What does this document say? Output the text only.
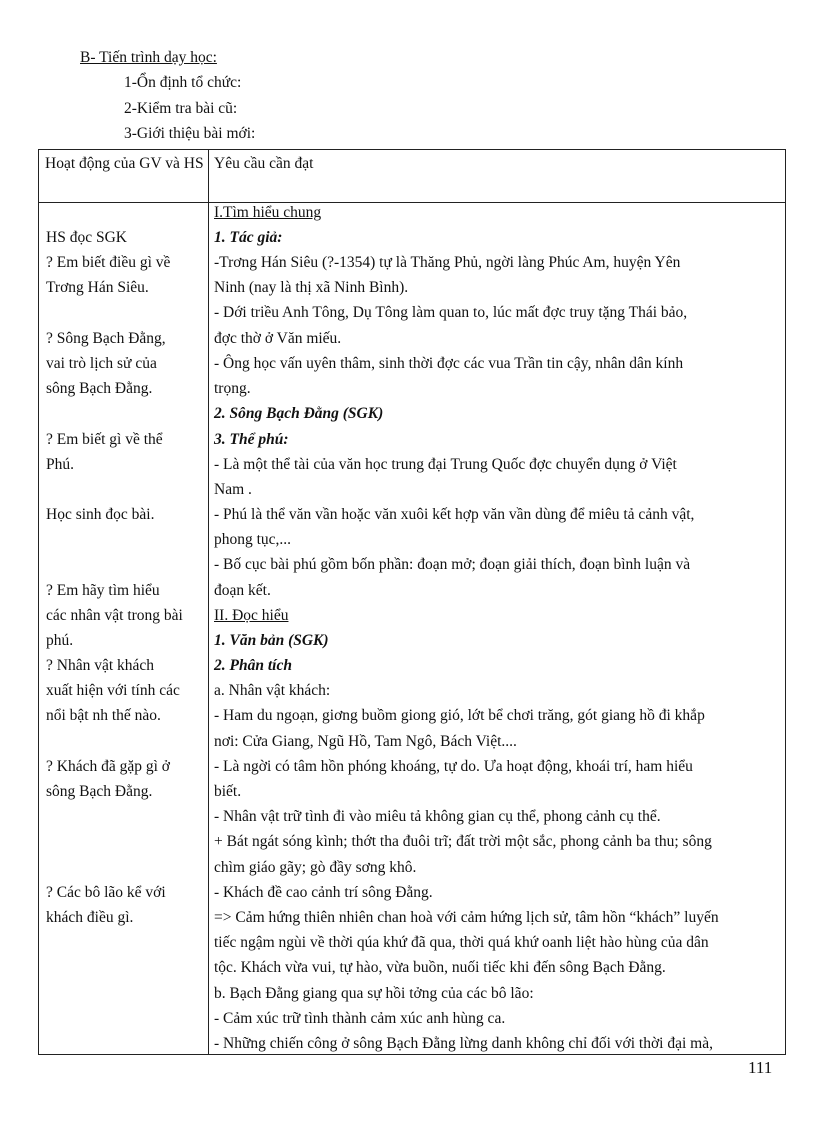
B- Tiến trình dạy học:
1-Ổn định tổ chức:
2-Kiểm tra bài cũ:
3-Giới thiệu bài mới:
Hoạt động của GV và HS Yêu cầu cần đạt
HS đọc SGK
? Em biết điều gì về
Trơng Hán Siêu.
? Sông Bạch Đằng,
vai trò lịch sử của
sông Bạch Đằng.
? Em biết gì về thể
Phú.
Học sinh đọc bài.
? Em hãy tìm hiểu
các nhân vật trong bài
phú.
? Nhân vật khách
xuất hiện với tính các
nổi bật nh thế nào.
? Khách đã gặp gì ở
sông Bạch Đằng.
? Các bô lão kể với
khách điều gì.
I.Tìm hiểu chung
1. Tác giả:
-Trơng Hán Siêu (?-1354) tự là Thăng Phủ, ngời làng Phúc Am, huyện Yên
Ninh (nay là thị xã Ninh Bình).
- Dới triều Anh Tông, Dụ Tông làm quan to, lúc mất đợc truy tặng Thái bảo,
đợc thờ ở Văn miếu.
- Ông học vấn uyên thâm, sinh thời đợc các vua Trần tin cậy, nhân dân kính
trọng.
2. Sông Bạch Đằng (SGK)
3. Thể phú:
- Là một thể tài của văn học trung đại Trung Quốc đợc chuyển dụng ở Việt
Nam .
- Phú là thể văn vần hoặc văn xuôi kết hợp văn vần dùng để miêu tả cảnh vật,
phong tục,...
- Bố cục bài phú gồm bốn phần: đoạn mở; đoạn giải thích, đoạn bình luận và
đoạn kết.
II. Đọc hiểu
1. Văn bản (SGK)
2. Phân tích
a. Nhân vật khách:
- Ham du ngoạn, giơng buồm giong gió, lớt bể chơi trăng, gót giang hồ đi khắp
nơi: Cửa Giang, Ngũ Hồ, Tam Ngô, Bách Việt....
- Là ngời có tâm hồn phóng khoáng, tự do. Ưa hoạt động, khoái trí, ham hiểu
biết.
- Nhân vật trữ tình đi vào miêu tả không gian cụ thể, phong cảnh cụ thể.
+ Bát ngát sóng kình; thớt tha đuôi trĩ; đất trời một sắc, phong cảnh ba thu; sông
chìm giáo gãy; gò đầy sơng khô.
- Khách đề cao cảnh trí sông Đằng.
=> Cảm hứng thiên nhiên chan hoà với cảm hứng lịch sử, tâm hồn “khách” luyến
tiếc ngậm ngùi về thời qúa khứ đã qua, thời quá khứ oanh liệt hào hùng của dân
tộc. Khách vừa vui, tự hào, vừa buồn, nuối tiếc khi đến sông Bạch Đằng.
b. Bạch Đằng giang qua sự hồi tởng của các bô lão:
- Cảm xúc trữ tình thành cảm xúc anh hùng ca.
- Những chiến công ở sông Bạch Đằng lừng danh không chỉ đối với thời đại mà,
111
